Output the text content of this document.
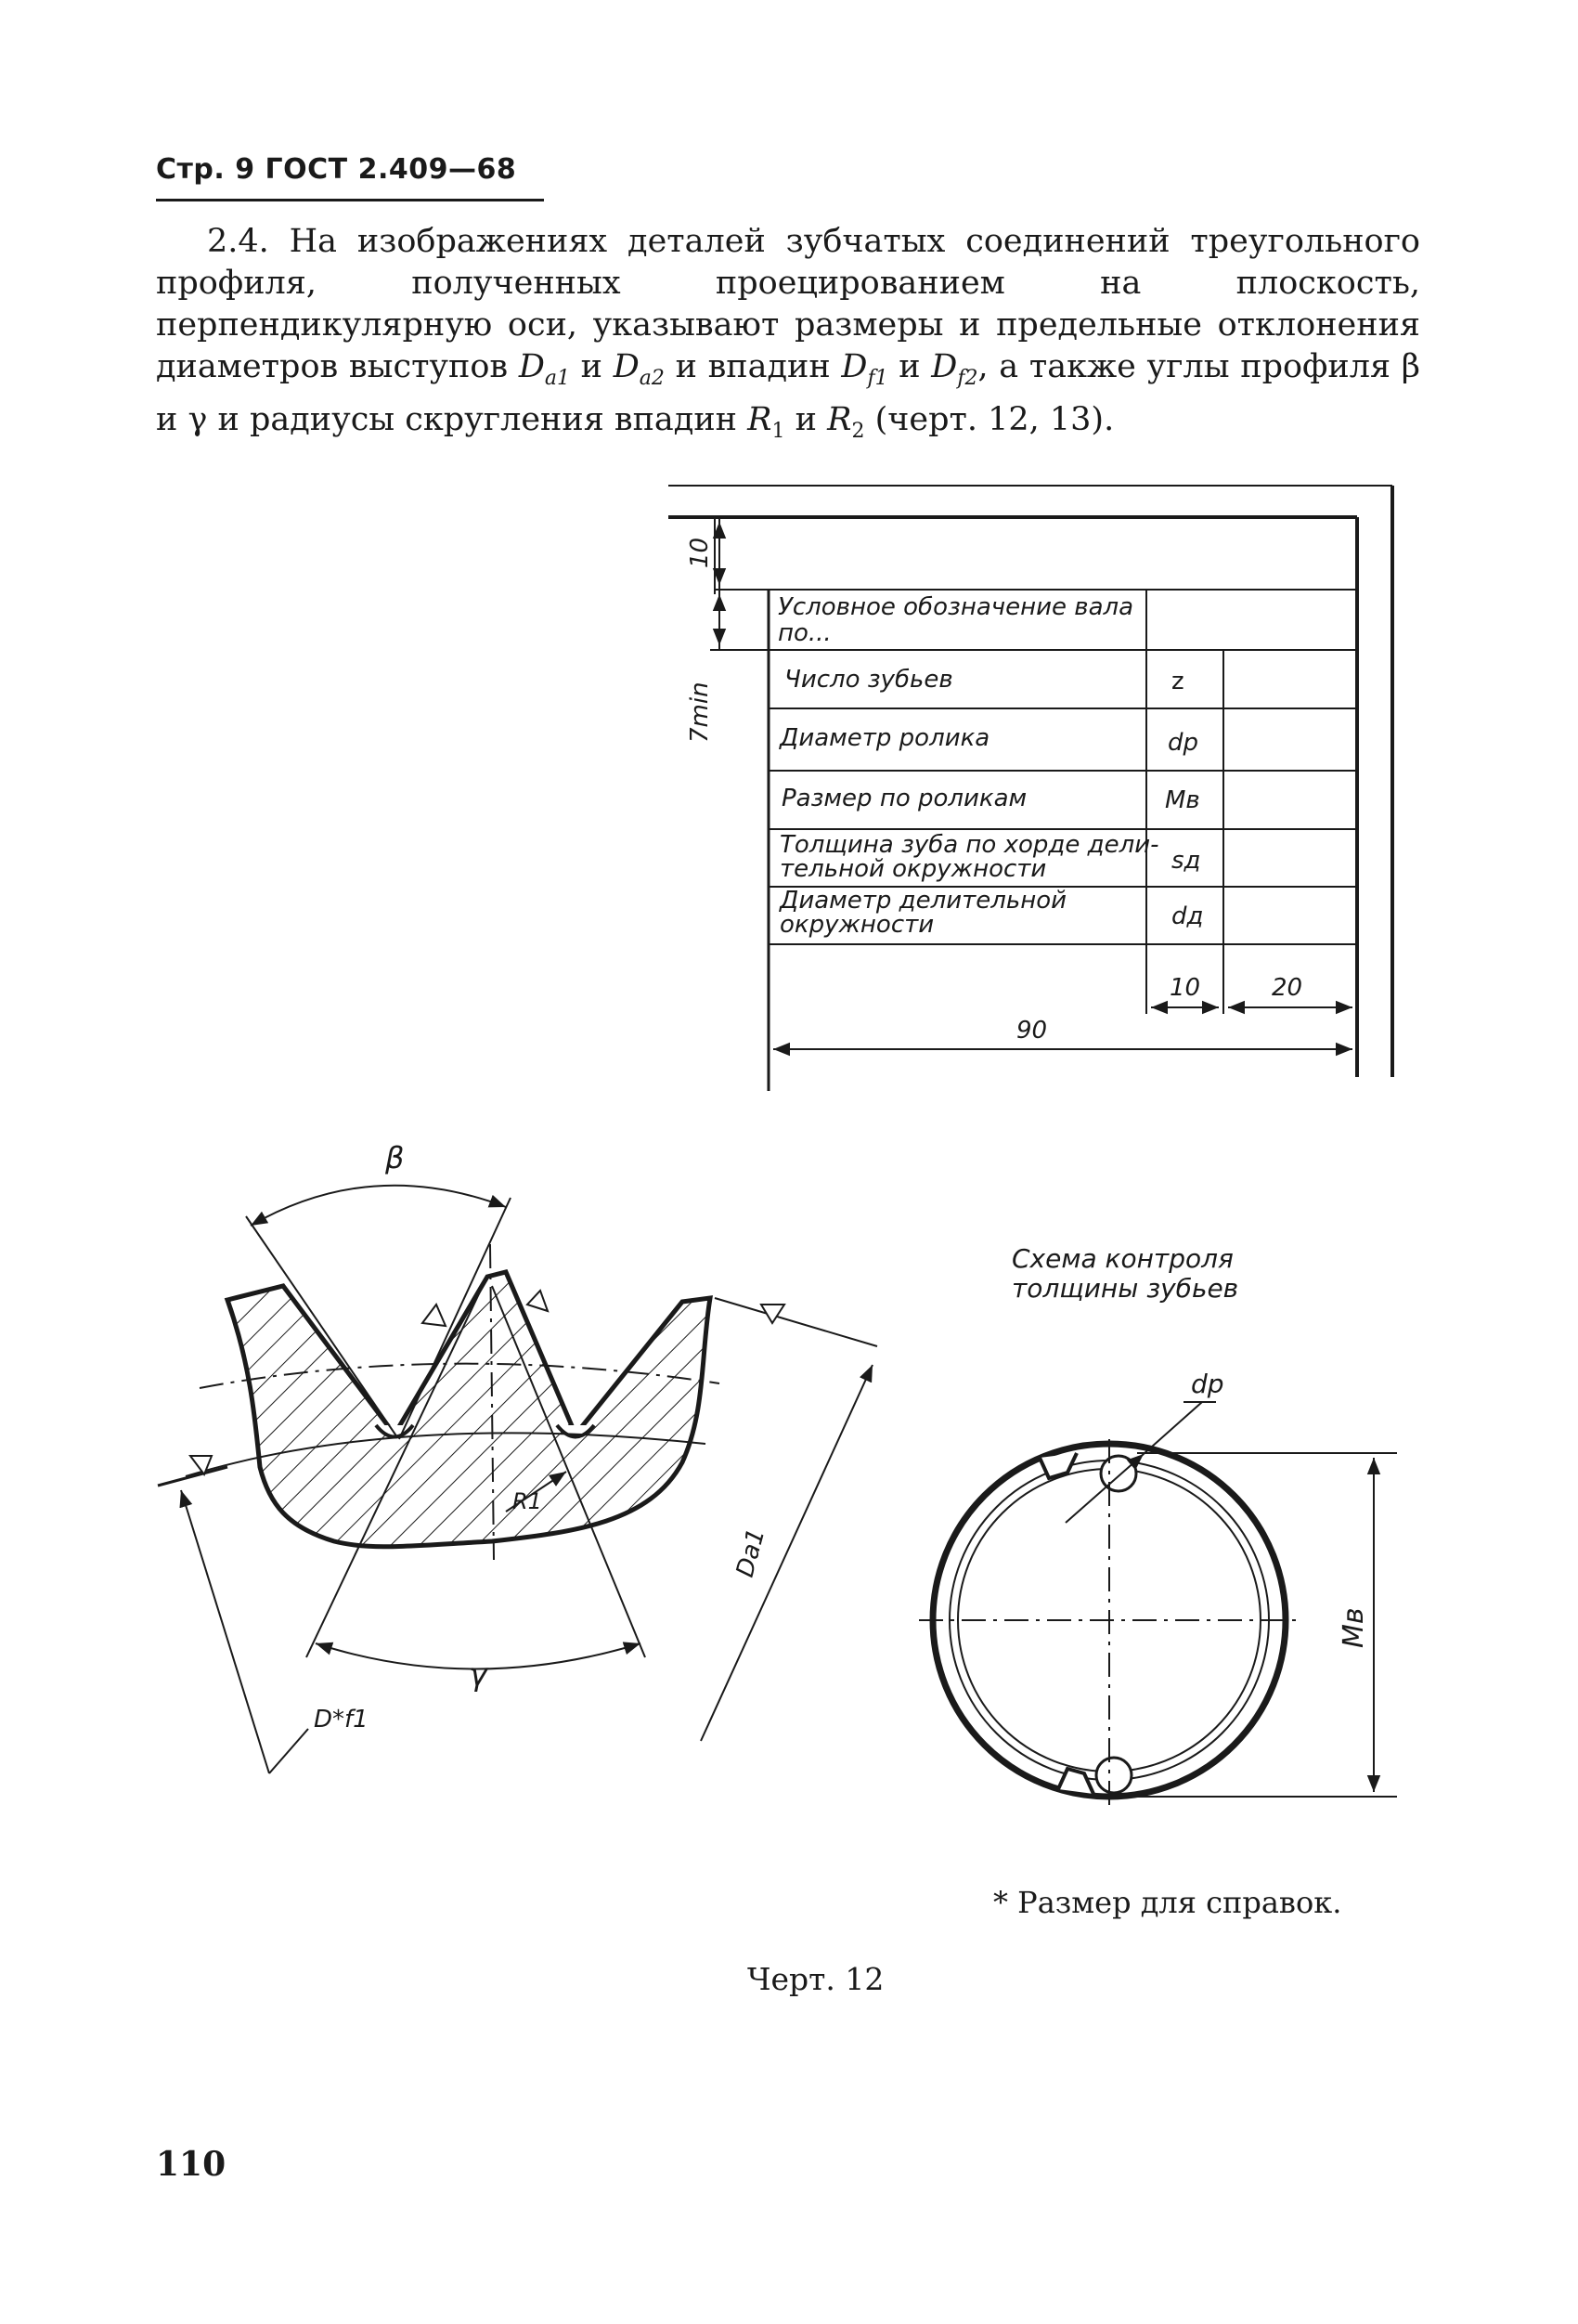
Стр. 9 ГОСТ 2.409—68

2.4. На изображениях деталей зубчатых соединений треугольного профиля, полученных проецированием на плоскость, перпендикулярную оси, указывают размеры и предельные отклонения диаметров выступов $D_{a1}$ и $D_{a2}$ и впадин $D_{f1}$ и $D_{f2}$, а также углы профиля β и γ и радиусы скругления впадин $R_1$ и $R_2$ (черт. 12, 13).

Условное обозначение вала
по...
Число зубьев	z
Диаметр ролика	dp
Размер по роликам	Mв
Толщина зуба по хорде дели-
тельной окружности	sд
Диаметр делительной
окружности	dд
10	20
90
10
7min
β
γ
R1
Da1
D*f1
Схема контроля
толщины зубьев
dp
Mв
* Размер для справок.
Черт. 12
110
